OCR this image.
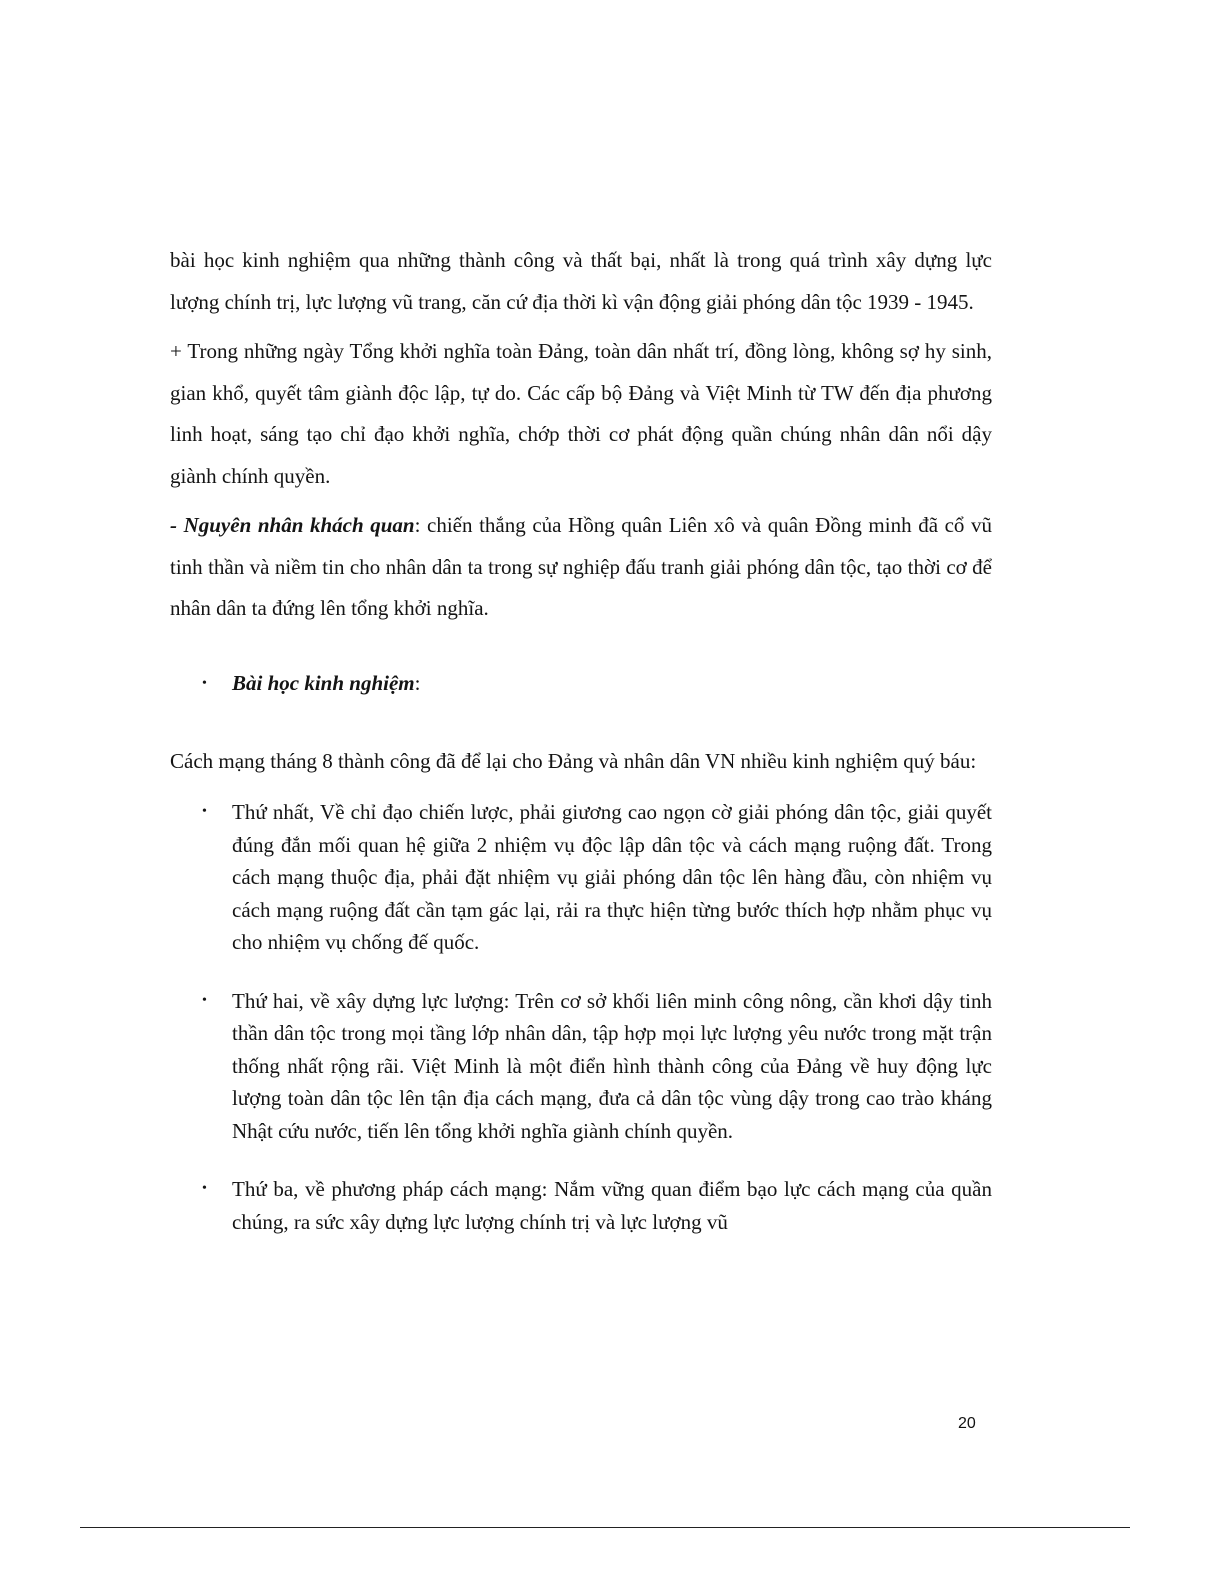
bài học kinh nghiệm qua những thành công và thất bại, nhất là trong quá trình xây dựng lực lượng chính trị, lực lượng vũ trang, căn cứ địa thời kì vận động giải phóng dân tộc 1939 - 1945.

+ Trong những ngày Tổng khởi nghĩa toàn Đảng, toàn dân nhất trí, đồng lòng, không sợ hy sinh, gian khổ, quyết tâm giành độc lập, tự do. Các cấp bộ Đảng và Việt Minh từ TW đến địa phương linh hoạt, sáng tạo chỉ đạo khởi nghĩa, chớp thời cơ phát động quần chúng nhân dân nổi dậy giành chính quyền.

- Nguyên nhân khách quan: chiến thắng của Hồng quân Liên xô và quân Đồng minh đã cổ vũ tinh thần và niềm tin cho nhân dân ta trong sự nghiệp đấu tranh giải phóng dân tộc, tạo thời cơ để nhân dân ta đứng lên tổng khởi nghĩa.

• Bài học kinh nghiệm:

Cách mạng tháng 8 thành công đã để lại cho Đảng và nhân dân VN nhiều kinh nghiệm quý báu:

• Thứ nhất, Về chỉ đạo chiến lược, phải giương cao ngọn cờ giải phóng dân tộc, giải quyết đúng đắn mối quan hệ giữa 2 nhiệm vụ độc lập dân tộc và cách mạng ruộng đất. Trong cách mạng thuộc địa, phải đặt nhiệm vụ giải phóng dân tộc lên hàng đầu, còn nhiệm vụ cách mạng ruộng đất cần tạm gác lại, rải ra thực hiện từng bước thích hợp nhằm phục vụ cho nhiệm vụ chống đế quốc.
• Thứ hai, về xây dựng lực lượng: Trên cơ sở khối liên minh công nông, cần khơi dậy tinh thần dân tộc trong mọi tầng lớp nhân dân, tập hợp mọi lực lượng yêu nước trong mặt trận thống nhất rộng rãi. Việt Minh là một điển hình thành công của Đảng về huy động lực lượng toàn dân tộc lên tận địa cách mạng, đưa cả dân tộc vùng dậy trong cao trào kháng Nhật cứu nước, tiến lên tổng khởi nghĩa giành chính quyền.
• Thứ ba, về phương pháp cách mạng: Nắm vững quan điểm bạo lực cách mạng của quần chúng, ra sức xây dựng lực lượng chính trị và lực lượng vũ
20
